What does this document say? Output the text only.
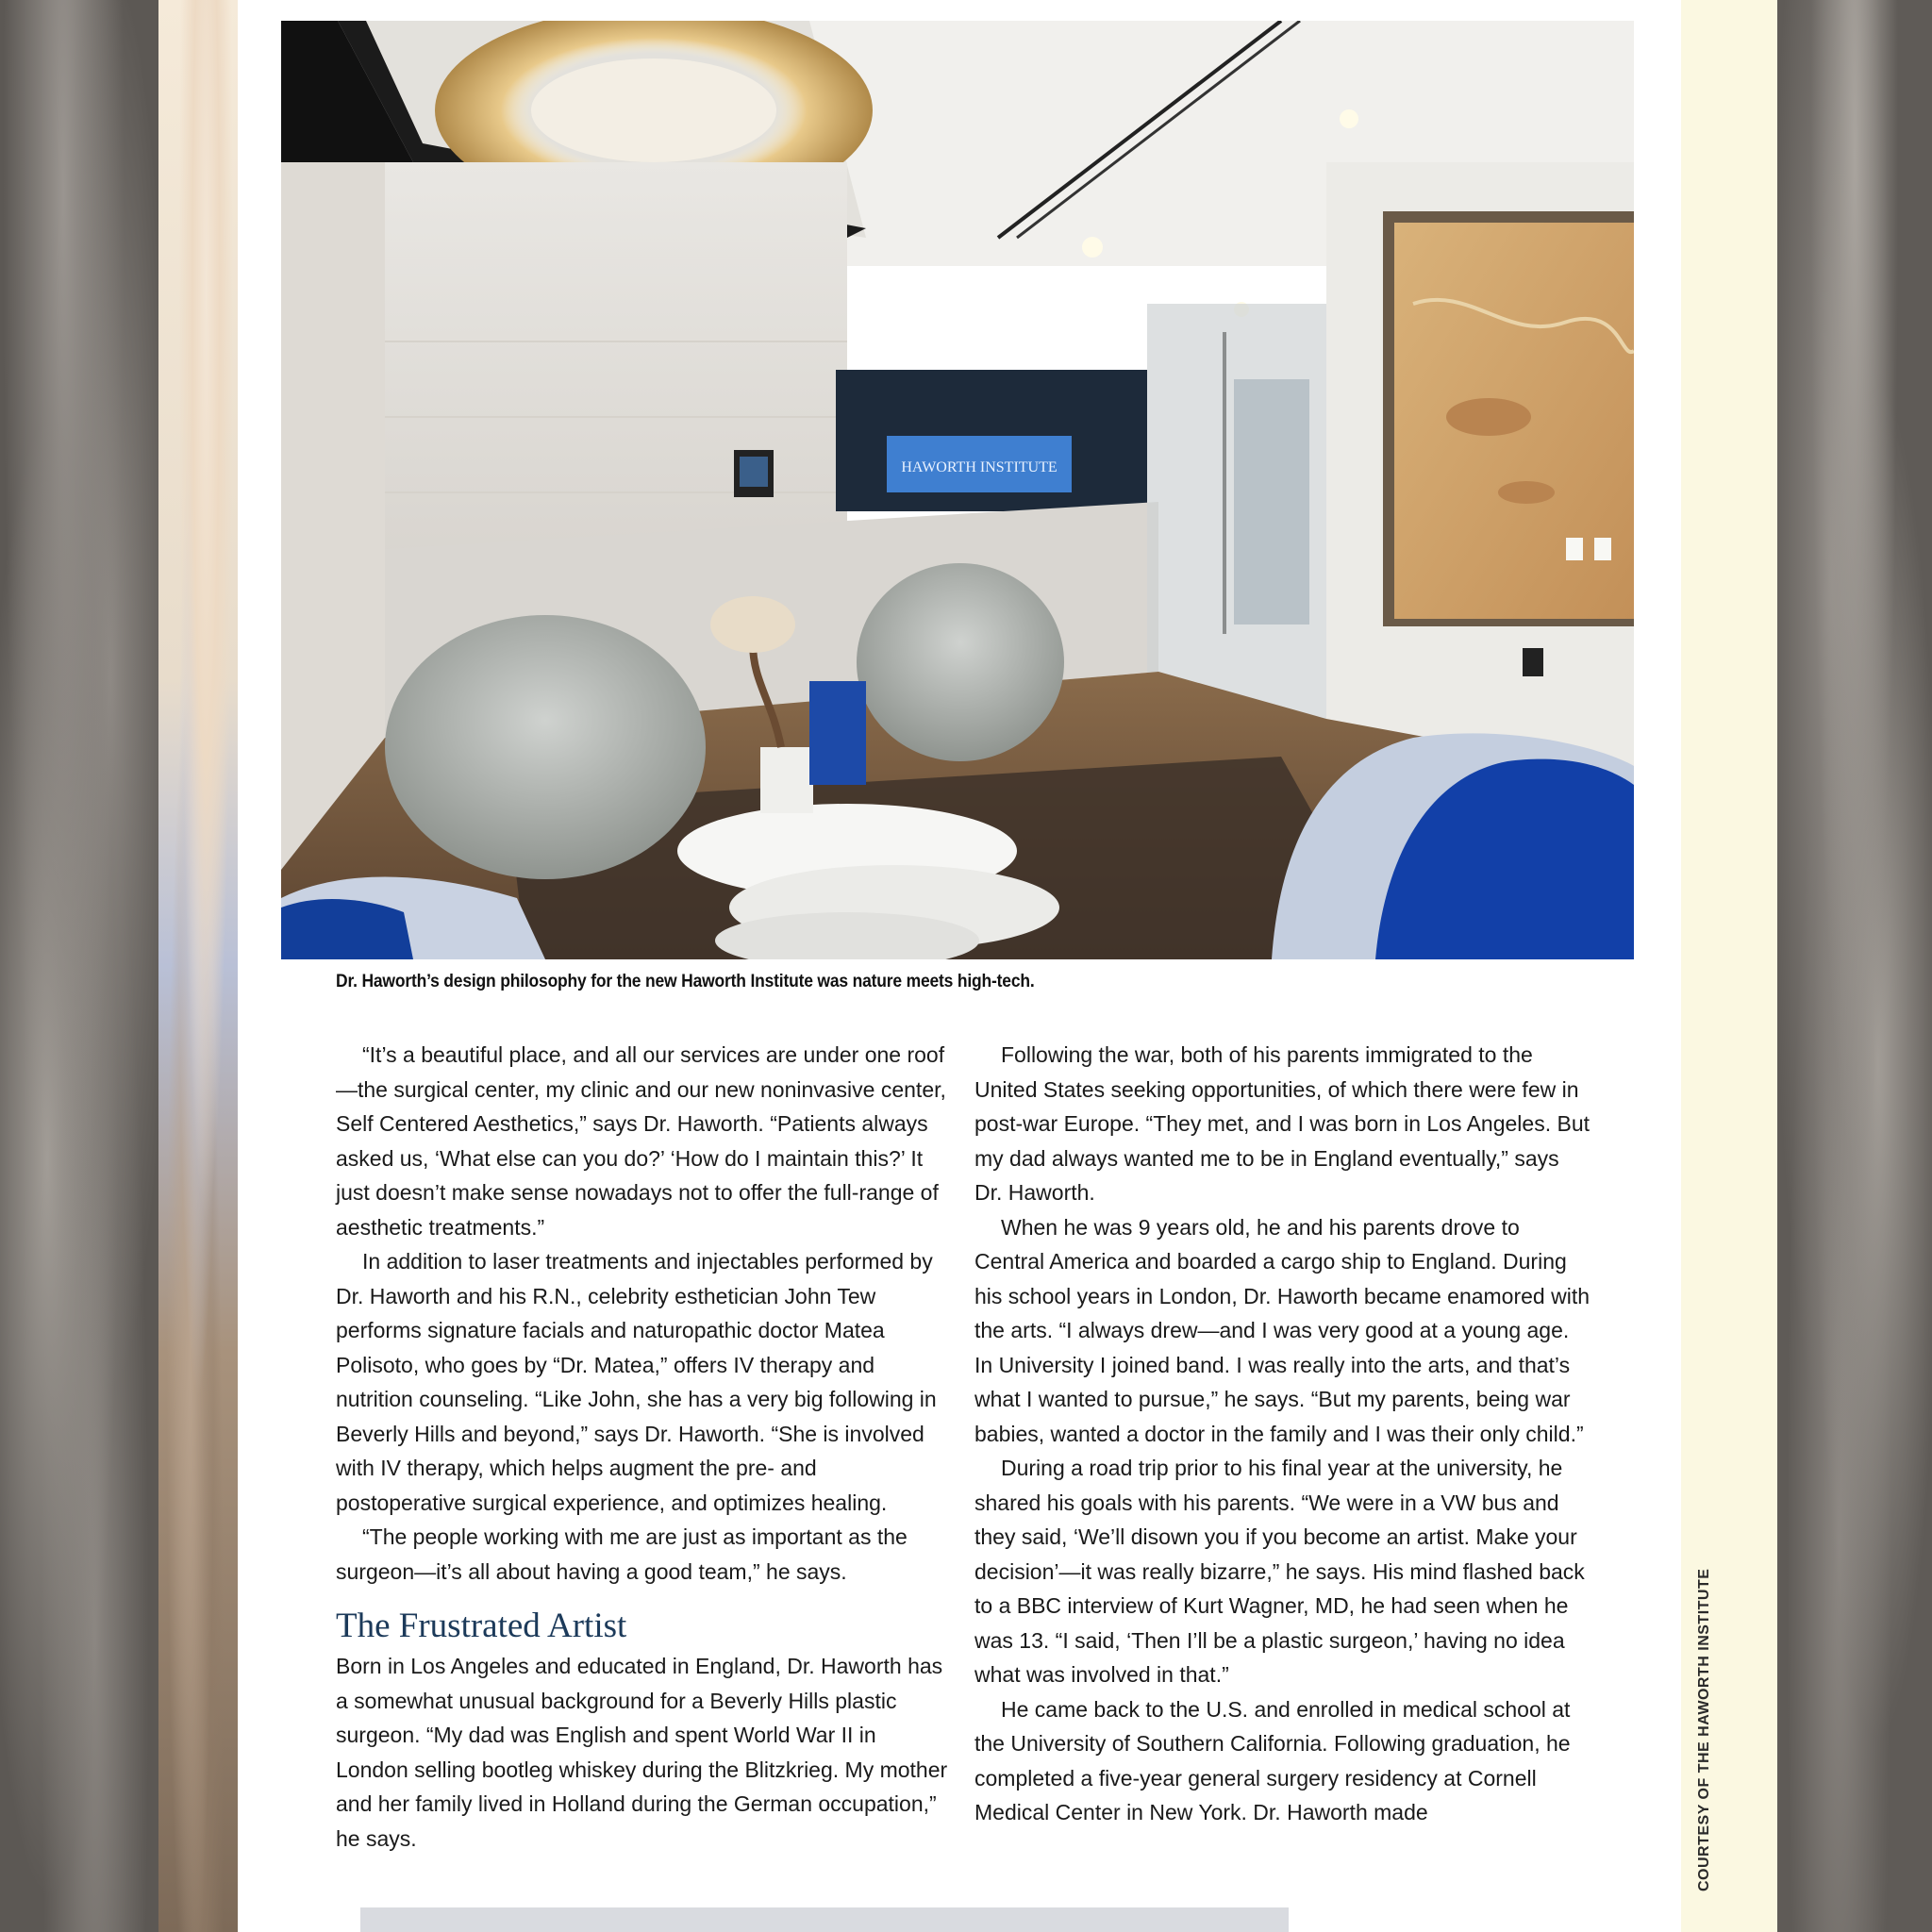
HAWORTH INSTITUTE
Dr. Haworth’s design philosophy for the new Haworth Institute was nature meets high-tech.

“It’s a beautiful place, and all our services are under one roof—the surgical center, my clinic and our new noninvasive center, Self Centered Aesthetics,” says Dr. Haworth. “Patients always asked us, ‘What else can you do?’ ‘How do I maintain this?’ It just doesn’t make sense nowadays not to offer the full-range of aesthetic treatments.”

In addition to laser treatments and injectables performed by Dr. Haworth and his R.N., celebrity esthetician John Tew performs signature facials and naturopathic doctor Matea Polisoto, who goes by “Dr. Matea,” offers IV therapy and nutrition counseling. “Like John, she has a very big following in Beverly Hills and beyond,” says Dr. Haworth. “She is involved with IV therapy, which helps augment the pre- and postoperative surgical experience, and optimizes healing.

“The people working with me are just as important as the surgeon—it’s all about having a good team,” he says.

The Frustrated Artist

Born in Los Angeles and educated in England, Dr. Haworth has a somewhat unusual background for a Beverly Hills plastic surgeon. “My dad was English and spent World War II in London selling bootleg whiskey during the Blitzkrieg. My mother and her family lived in Holland during the German occupation,” he says.

Following the war, both of his parents immigrated to the United States seeking opportunities, of which there were few in post-war Europe. “They met, and I was born in Los Angeles. But my dad always wanted me to be in England eventually,” says Dr. Haworth.

When he was 9 years old, he and his parents drove to Central America and boarded a cargo ship to England. During his school years in London, Dr. Haworth became enamored with the arts. “I always drew—and I was very good at a young age. In University I joined band. I was really into the arts, and that’s what I wanted to pursue,” he says. “But my parents, being war babies, wanted a doctor in the family and I was their only child.”

During a road trip prior to his final year at the university, he shared his goals with his parents. “We were in a VW bus and they said, ‘We’ll disown you if you become an artist. Make your decision’—it was really bizarre,” he says. His mind flashed back to a BBC interview of Kurt Wagner, MD, he had seen when he was 13. “I said, ‘Then I’ll be a plastic surgeon,’ having no idea what was involved in that.”

He came back to the U.S. and enrolled in medical school at the University of Southern California. Following graduation, he completed a five-year general surgery residency at Cornell Medical Center in New York. Dr. Haworth made	COURTESY OF THE HAWORTH INSTITUTE
